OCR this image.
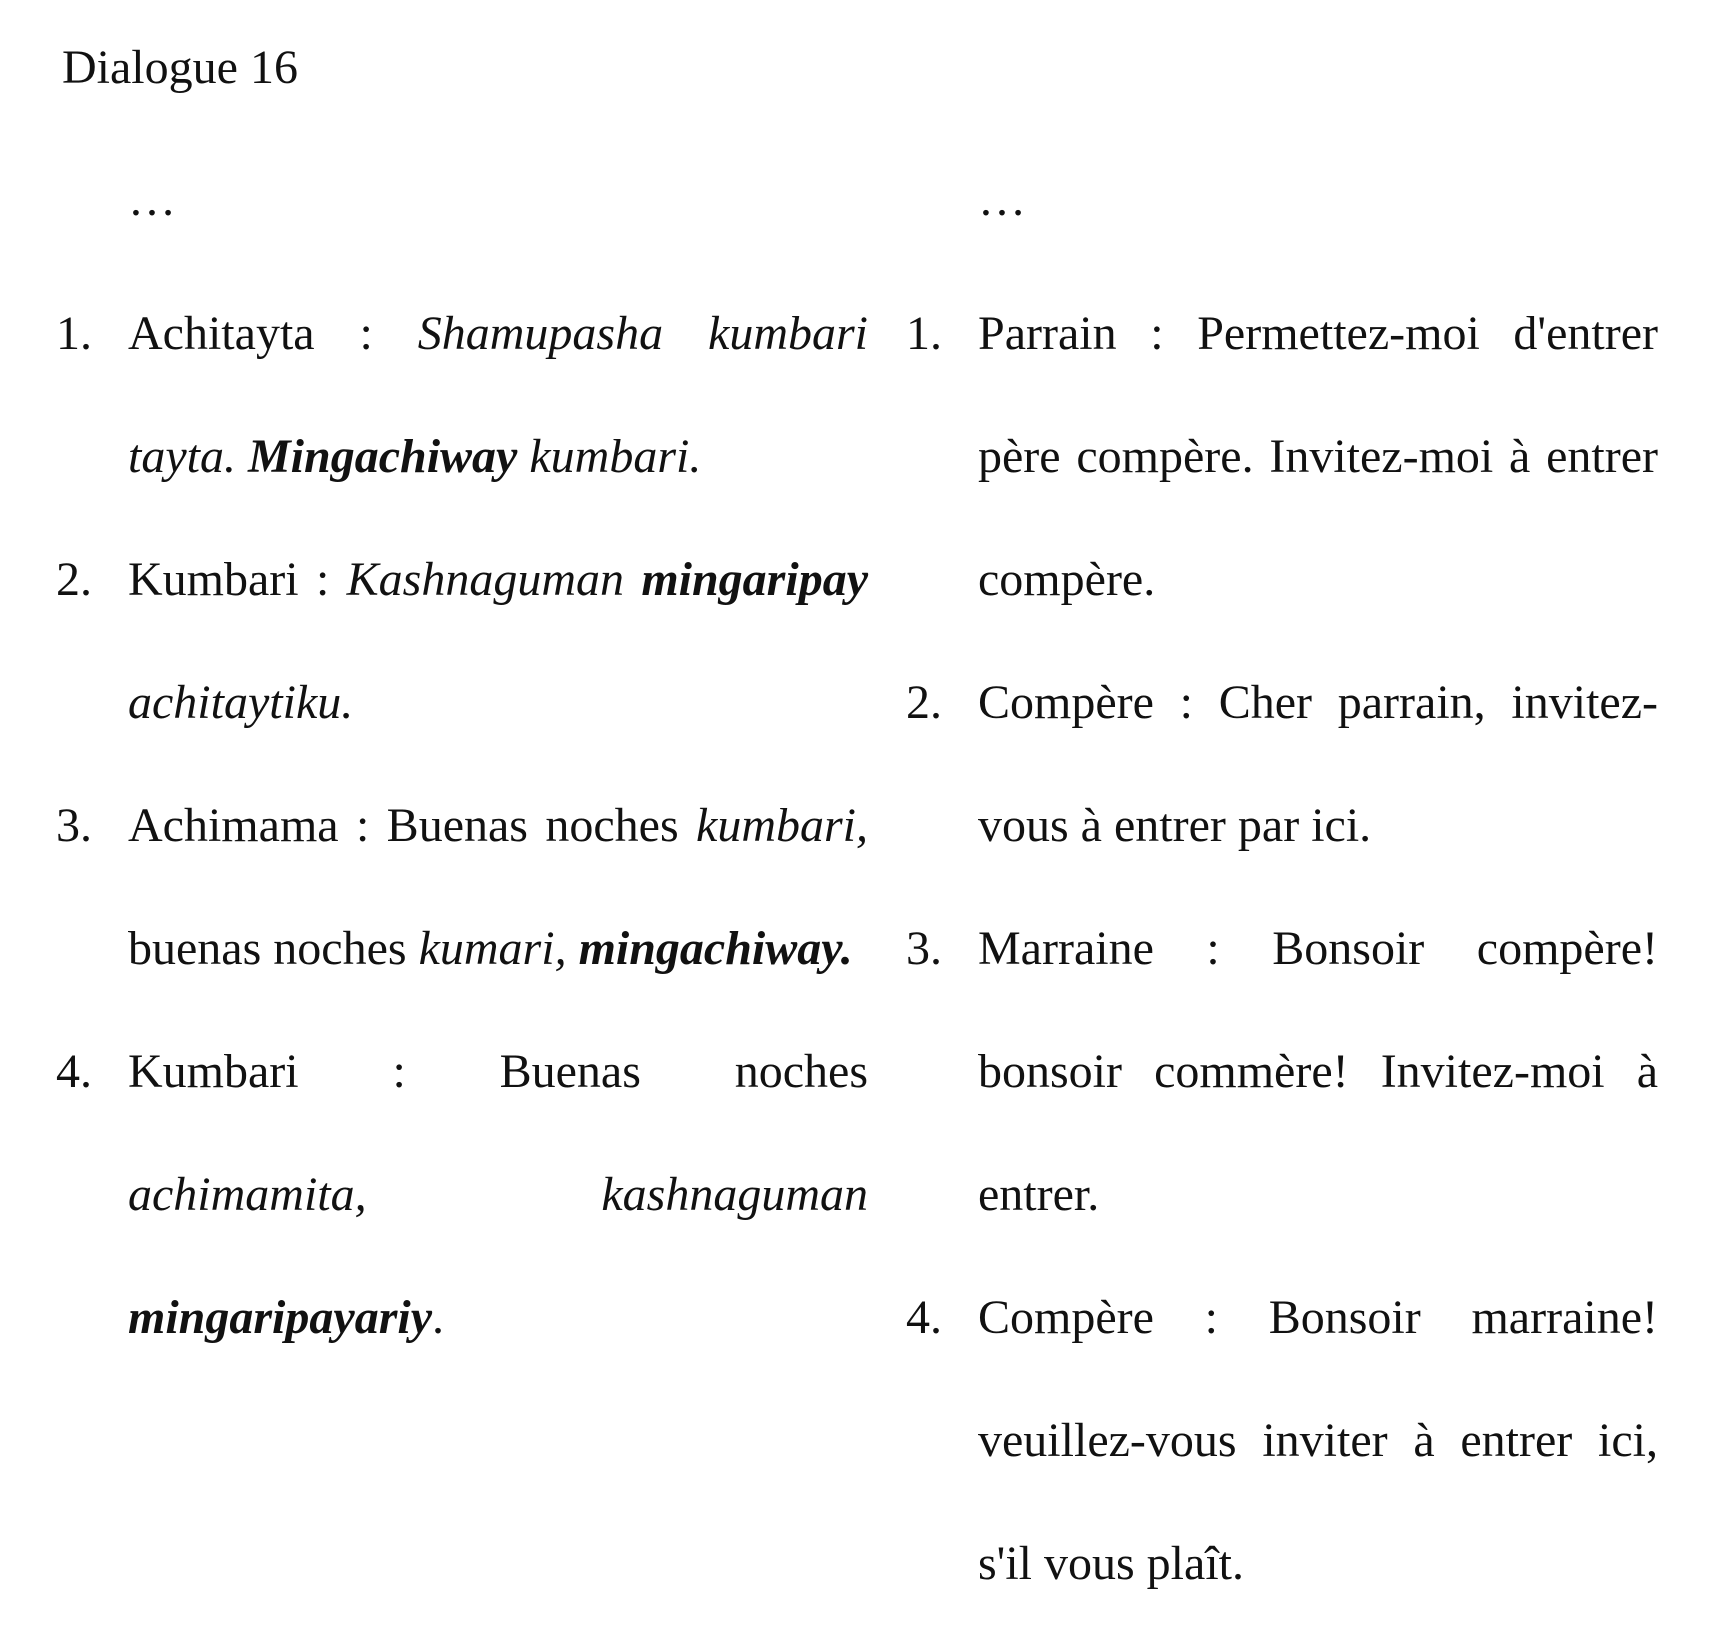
Dialogue 16
…
1. Achitayta : Shamupasha kumbari tayta. Mingachiway kumbari.
2. Kumbari : Kashnaguman mingaripay achitaytiku.
3. Achimama : Buenas noches kumbari, buenas noches kumari, mingachiway.
4. Kumbari : Buenas noches achimamita, kashnaguman mingaripayariy.
…
1. Parrain : Permettez-moi d'entrer père compère. Invitez-moi à entrer compère.
2. Compère : Cher parrain, invitez-vous à entrer par ici.
3. Marraine : Bonsoir compère! bonsoir commère! Invitez-moi à entrer.
4. Compère : Bonsoir marraine! veuillez-vous inviter à entrer ici, s'il vous plaît.
